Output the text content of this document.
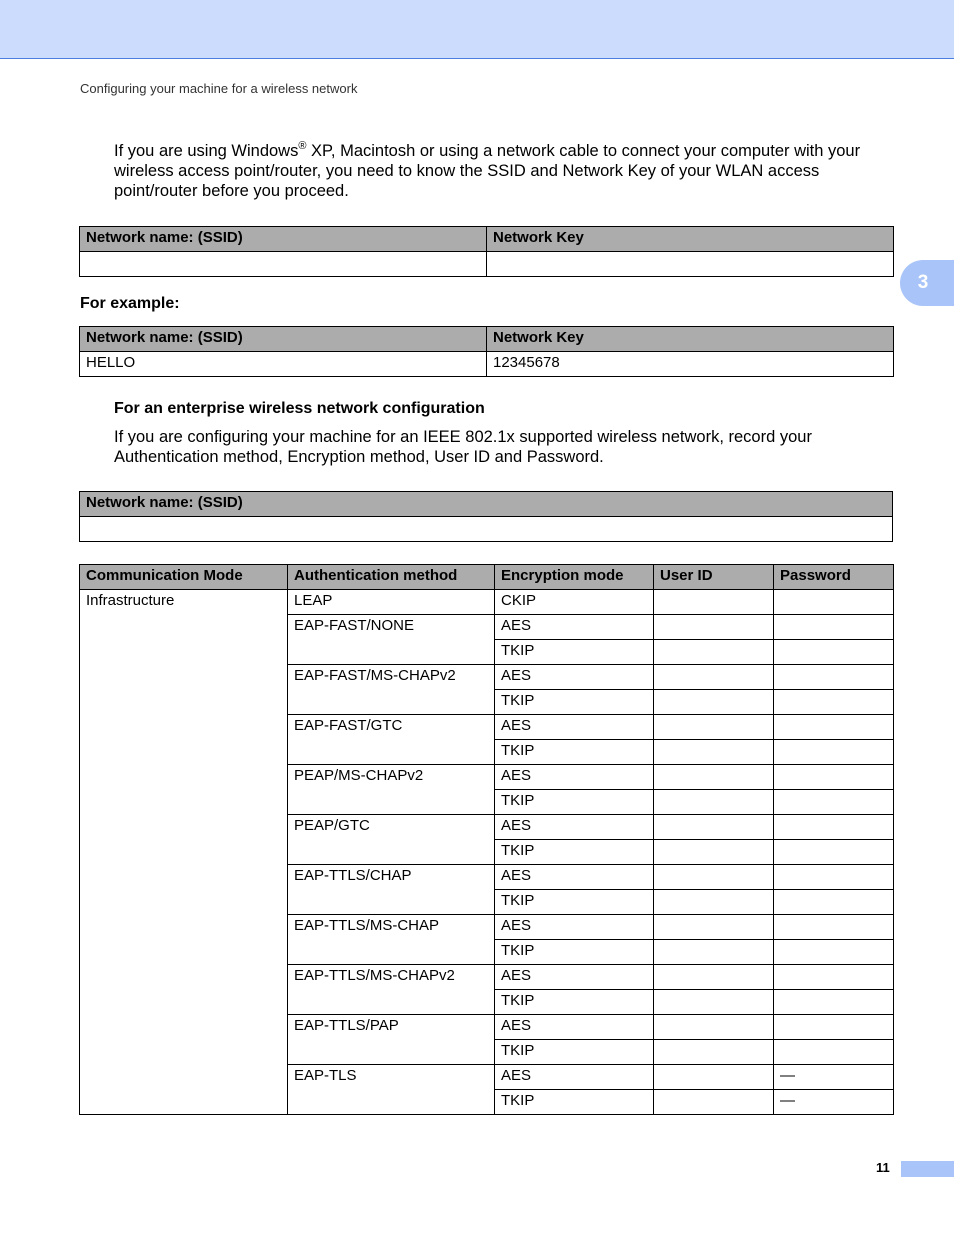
Configuring your machine for a wireless network
3

If you are using Windows® XP, Macintosh or using a network cable to connect your computer with your wireless access point/router, you need to know the SSID and Network Key of your WLAN access point/router before you proceed.

Network name: (SSID)	Network Key

For example:
Network name: (SSID)	Network Key
HELLO	12345678
For an enterprise wireless network configuration

If you are configuring your machine for an IEEE 802.1x supported wireless network, record your Authentication method, Encryption method, User ID and Password.

Network name: (SSID)

Communication Mode	Authentication method	Encryption mode	User ID	Password
Infrastructure	LEAP	CKIP		
	EAP-FAST/NONE	AES		
		TKIP		
	EAP-FAST/MS-CHAPv2	AES		
		TKIP		
	EAP-FAST/GTC	AES		
		TKIP		
	PEAP/MS-CHAPv2	AES		
		TKIP		
	PEAP/GTC	AES		
		TKIP		
	EAP-TTLS/CHAP	AES		
		TKIP		
	EAP-TTLS/MS-CHAP	AES		
		TKIP		
	EAP-TTLS/MS-CHAPv2	AES		
		TKIP		
	EAP-TTLS/PAP	AES		
		TKIP		
	EAP-TLS	AES		—
		TKIP		—
11
